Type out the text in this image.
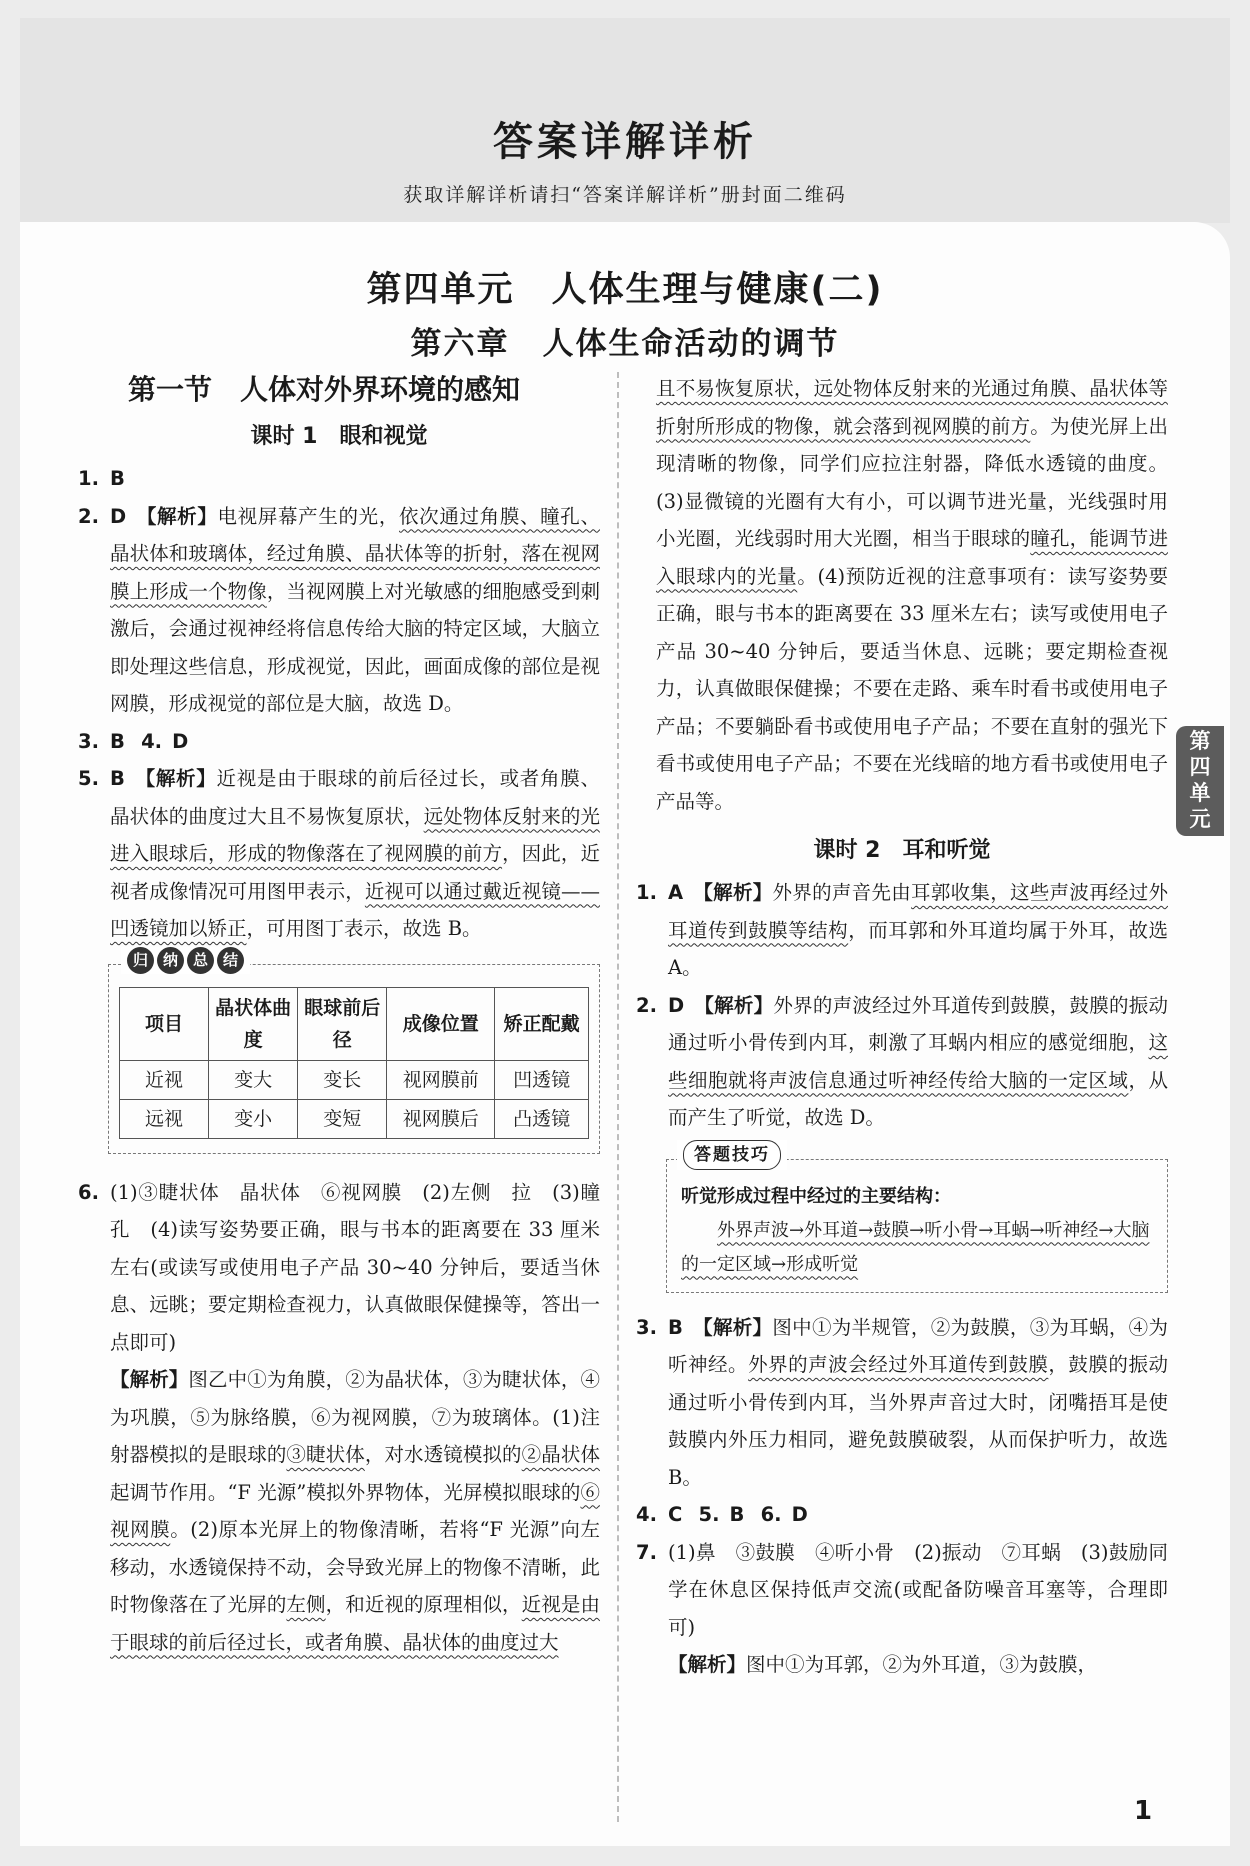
答案详解详析
获取详解详析请扫“答案详解详析”册封面二维码
第四单元　人体生理与健康(二)
第六章　人体生命活动的调节
第一节　人体对外界环境的感知
课时 1　眼和视觉
1. B
2. D 【解析】电视屏幕产生的光，依次通过角膜、瞳孔、晶状体和玻璃体，经过角膜、晶状体等的折射，落在视网膜上形成一个物像，当视网膜上对光敏感的细胞感受到刺激后，会通过视神经将信息传给大脑的特定区域，大脑立即处理这些信息，形成视觉，因此，画面成像的部位是视网膜，形成视觉的部位是大脑，故选 D。
3. B 4. D
5. B 【解析】近视是由于眼球的前后径过长，或者角膜、晶状体的曲度过大且不易恢复原状，远处物体反射来的光进入眼球后，形成的物像落在了视网膜的前方，因此，近视者成像情况可用图甲表示，近视可以通过戴近视镜——凹透镜加以矫正，可用图丁表示，故选 B。
归 纳 总 结
项目	晶状体曲度	眼球前后径	成像位置	矫正配戴
近视	变大	变长	视网膜前	凹透镜
远视	变小	变短	视网膜后	凸透镜
6. (1)③睫状体　晶状体　⑥视网膜　(2)左侧　拉　(3)瞳孔　(4)读写姿势要正确，眼与书本的距离要在 33 厘米左右(或读写或使用电子产品 30~40 分钟后，要适当休息、远眺；要定期检查视力，认真做眼保健操等，答出一点即可)
【解析】图乙中①为角膜，②为晶状体，③为睫状体，④为巩膜，⑤为脉络膜，⑥为视网膜，⑦为玻璃体。(1)注射器模拟的是眼球的③睫状体，对水透镜模拟的②晶状体起调节作用。“F 光源”模拟外界物体，光屏模拟眼球的⑥视网膜。(2)原本光屏上的物像清晰，若将“F 光源”向左移动，水透镜保持不动，会导致光屏上的物像不清晰，此时物像落在了光屏的左侧，和近视的原理相似，近视是由于眼球的前后径过长，或者角膜、晶状体的曲度过大
且不易恢复原状，远处物体反射来的光通过角膜、晶状体等折射所形成的物像，就会落到视网膜的前方。为使光屏上出现清晰的物像，同学们应拉注射器，降低水透镜的曲度。(3)显微镜的光圈有大有小，可以调节进光量，光线强时用小光圈，光线弱时用大光圈，相当于眼球的瞳孔，能调节进入眼球内的光量。(4)预防近视的注意事项有：读写姿势要正确，眼与书本的距离要在 33 厘米左右；读写或使用电子产品 30~40 分钟后，要适当休息、远眺；要定期检查视力，认真做眼保健操；不要在走路、乘车时看书或使用电子产品；不要躺卧看书或使用电子产品；不要在直射的强光下看书或使用电子产品；不要在光线暗的地方看书或使用电子产品等。
课时 2　耳和听觉
1. A 【解析】外界的声音先由耳郭收集，这些声波再经过外耳道传到鼓膜等结构，而耳郭和外耳道均属于外耳，故选 A。
2. D 【解析】外界的声波经过外耳道传到鼓膜，鼓膜的振动通过听小骨传到内耳，刺激了耳蜗内相应的感觉细胞，这些细胞就将声波信息通过听神经传给大脑的一定区域，从而产生了听觉，故选 D。
答题技巧
听觉形成过程中经过的主要结构：
外界声波→外耳道→鼓膜→听小骨→耳蜗→听神经→大脑的一定区域→形成听觉
3. B 【解析】图中①为半规管，②为鼓膜，③为耳蜗，④为听神经。外界的声波会经过外耳道传到鼓膜，鼓膜的振动通过听小骨传到内耳，当外界声音过大时，闭嘴捂耳是使鼓膜内外压力相同，避免鼓膜破裂，从而保护听力，故选 B。
4. C 5. B 6. D
7. (1)鼻　③鼓膜　④听小骨　(2)振动　⑦耳蜗　(3)鼓励同学在休息区保持低声交流(或配备防噪音耳塞等，合理即可)
【解析】图中①为耳郭，②为外耳道，③为鼓膜，
第四单元
1
